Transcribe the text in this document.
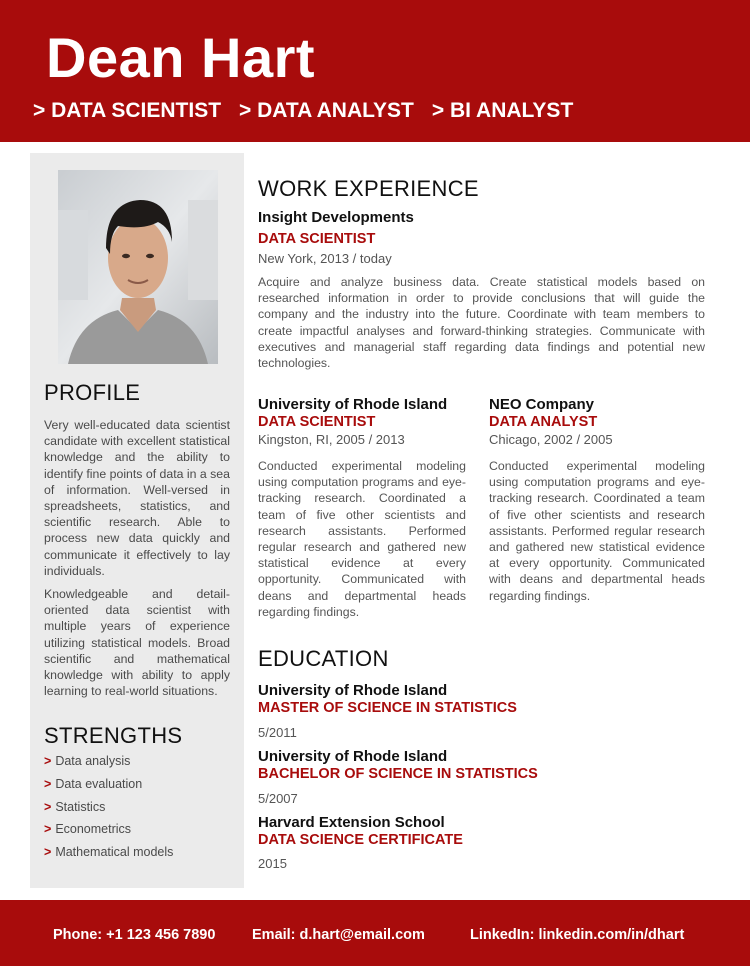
Dean Hart
> DATA SCIENTIST > DATA ANALYST > BI ANALYST
PROFILE
Very well-educated data scientist candidate with excellent statistical knowledge and the ability to identify fine points of data in a sea of information. Well-versed in spreadsheets, statistics, and scientific research. Able to process new data quickly and communicate it effectively to lay individuals.
Knowledgeable and detail-oriented data scientist with multiple years of experience utilizing statistical models. Broad scientific and mathematical knowledge with ability to apply learning to real-world situations.
STRENGTHS
> Data analysis
> Data evaluation
> Statistics
> Econometrics
> Mathematical models
WORK EXPERIENCE
Insight Developments
DATA SCIENTIST
New York, 2013 / today
Acquire and analyze business data. Create statistical models based on researched information in order to provide conclusions that will guide the company and the industry into the future. Coordinate with team members to create impactful analyses and forward-thinking strategies. Communicate with executives and managerial staff regarding data findings and potential new technologies.
University of Rhode Island
DATA SCIENTIST
Kingston, RI, 2005 / 2013
Conducted experimental modeling using computation programs and eye-tracking research. Coordinated a team of five other scientists and research assistants. Performed regular research and gathered new statistical evidence at every opportunity. Communicated with deans and departmental heads regarding findings.
NEO Company
DATA ANALYST
Chicago, 2002 / 2005
Conducted experimental modeling using computation programs and eye-tracking research. Coordinated a team of five other scientists and research assistants. Performed regular research and gathered new statistical evidence at every opportunity. Communicated with deans and departmental heads regarding findings.
EDUCATION
University of Rhode Island
MASTER OF SCIENCE IN STATISTICS
5/2011
University of Rhode Island
BACHELOR OF SCIENCE IN STATISTICS
5/2007
Harvard Extension School
DATA SCIENCE CERTIFICATE
2015
Phone: +1 123 456 7890	Email: d.hart@email.com	LinkedIn: linkedin.com/in/dhart
